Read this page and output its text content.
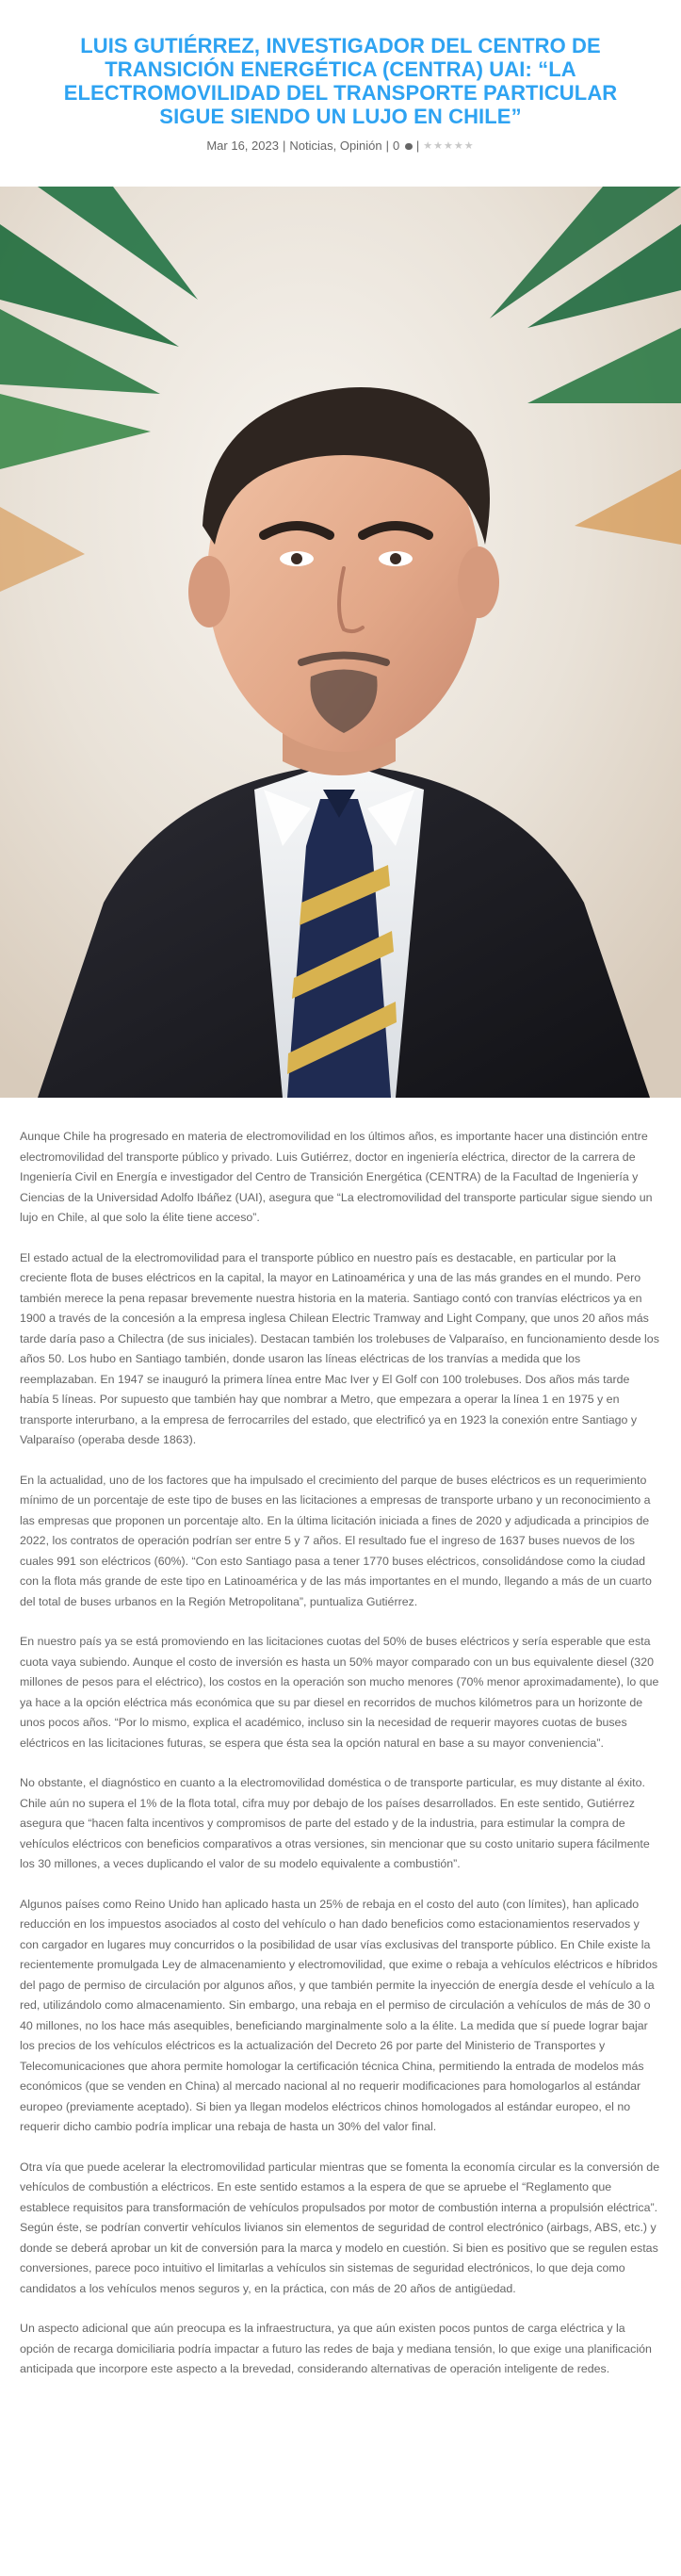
LUIS GUTIÉRREZ, INVESTIGADOR DEL CENTRO DE TRANSICIÓN ENERGÉTICA (CENTRA) UAI: “LA ELECTROMOVILIDAD DEL TRANSPORTE PARTICULAR SIGUE SIENDO UN LUJO EN CHILE”
Mar 16, 2023 | Noticias, Opinión | 0 | ★★★★★

Aunque Chile ha progresado en materia de electromovilidad en los últimos años, es importante hacer una distinción entre electromovilidad del transporte público y privado. Luis Gutiérrez, doctor en ingeniería eléctrica, director de la carrera de Ingeniería Civil en Energía e investigador del Centro de Transición Energética (CENTRA) de la Facultad de Ingeniería y Ciencias de la Universidad Adolfo Ibáñez (UAI), asegura que “La electromovilidad del transporte particular sigue siendo un lujo en Chile, al que solo la élite tiene acceso”.

El estado actual de la electromovilidad para el transporte público en nuestro país es destacable, en particular por la creciente flota de buses eléctricos en la capital, la mayor en Latinoamérica y una de las más grandes en el mundo. Pero también merece la pena repasar brevemente nuestra historia en la materia. Santiago contó con tranvías eléctricos ya en 1900 a través de la concesión a la empresa inglesa Chilean Electric Tramway and Light Company, que unos 20 años más tarde daría paso a Chilectra (de sus iniciales). Destacan también los trolebuses de Valparaíso, en funcionamiento desde los años 50. Los hubo en Santiago también, donde usaron las líneas eléctricas de los tranvías a medida que los reemplazaban. En 1947 se inauguró la primera línea entre Mac Iver y El Golf con 100 trolebuses. Dos años más tarde había 5 líneas. Por supuesto que también hay que nombrar a Metro, que empezara a operar la línea 1 en 1975 y en transporte interurbano, a la empresa de ferrocarriles del estado, que electrificó ya en 1923 la conexión entre Santiago y Valparaíso (operaba desde 1863).

En la actualidad, uno de los factores que ha impulsado el crecimiento del parque de buses eléctricos es un requerimiento mínimo de un porcentaje de este tipo de buses en las licitaciones a empresas de transporte urbano y un reconocimiento a las empresas que proponen un porcentaje alto. En la última licitación iniciada a fines de 2020 y adjudicada a principios de 2022, los contratos de operación podrían ser entre 5 y 7 años. El resultado fue el ingreso de 1637 buses nuevos de los cuales 991 son eléctricos (60%). “Con esto Santiago pasa a tener 1770 buses eléctricos, consolidándose como la ciudad con la flota más grande de este tipo en Latinoamérica y de las más importantes en el mundo, llegando a más de un cuarto del total de buses urbanos en la Región Metropolitana”, puntualiza Gutiérrez.

En nuestro país ya se está promoviendo en las licitaciones cuotas del 50% de buses eléctricos y sería esperable que esta cuota vaya subiendo. Aunque el costo de inversión es hasta un 50% mayor comparado con un bus equivalente diesel (320 millones de pesos para el eléctrico), los costos en la operación son mucho menores (70% menor aproximadamente), lo que ya hace a la opción eléctrica más económica que su par diesel en recorridos de muchos kilómetros para un horizonte de unos pocos años. “Por lo mismo, explica el académico, incluso sin la necesidad de requerir mayores cuotas de buses eléctricos en las licitaciones futuras, se espera que ésta sea la opción natural en base a su mayor conveniencia”.

No obstante, el diagnóstico en cuanto a la electromovilidad doméstica o de transporte particular, es muy distante al éxito. Chile aún no supera el 1% de la flota total, cifra muy por debajo de los países desarrollados. En este sentido, Gutiérrez asegura que “hacen falta incentivos y compromisos de parte del estado y de la industria, para estimular la compra de vehículos eléctricos con beneficios comparativos a otras versiones, sin mencionar que su costo unitario supera fácilmente los 30 millones, a veces duplicando el valor de su modelo equivalente a combustión”.

Algunos países como Reino Unido han aplicado hasta un 25% de rebaja en el costo del auto (con límites), han aplicado reducción en los impuestos asociados al costo del vehículo o han dado beneficios como estacionamientos reservados y con cargador en lugares muy concurridos o la posibilidad de usar vías exclusivas del transporte público. En Chile existe la recientemente promulgada Ley de almacenamiento y electromovilidad, que exime o rebaja a vehículos eléctricos e híbridos del pago de permiso de circulación por algunos años, y que también permite la inyección de energía desde el vehículo a la red, utilizándolo como almacenamiento. Sin embargo, una rebaja en el permiso de circulación a vehículos de más de 30 o 40 millones, no los hace más asequibles, beneficiando marginalmente solo a la élite. La medida que sí puede lograr bajar los precios de los vehículos eléctricos es la actualización del Decreto 26 por parte del Ministerio de Transportes y Telecomunicaciones que ahora permite homologar la certificación técnica China, permitiendo la entrada de modelos más económicos (que se venden en China) al mercado nacional al no requerir modificaciones para homologarlos al estándar europeo (previamente aceptado). Si bien ya llegan modelos eléctricos chinos homologados al estándar europeo, el no requerir dicho cambio podría implicar una rebaja de hasta un 30% del valor final.

Otra vía que puede acelerar la electromovilidad particular mientras que se fomenta la economía circular es la conversión de vehículos de combustión a eléctricos. En este sentido estamos a la espera de que se apruebe el “Reglamento que establece requisitos para transformación de vehículos propulsados por motor de combustión interna a propulsión eléctrica”. Según éste, se podrían convertir vehículos livianos sin elementos de seguridad de control electrónico (airbags, ABS, etc.) y donde se deberá aprobar un kit de conversión para la marca y modelo en cuestión. Si bien es positivo que se regulen estas conversiones, parece poco intuitivo el limitarlas a vehículos sin sistemas de seguridad electrónicos, lo que deja como candidatos a los vehículos menos seguros y, en la práctica, con más de 20 años de antigüedad.

Un aspecto adicional que aún preocupa es la infraestructura, ya que aún existen pocos puntos de carga eléctrica y la opción de recarga domiciliaria podría impactar a futuro las redes de baja y mediana tensión, lo que exige una planificación anticipada que incorpore este aspecto a la brevedad, considerando alternativas de operación inteligente de redes.
